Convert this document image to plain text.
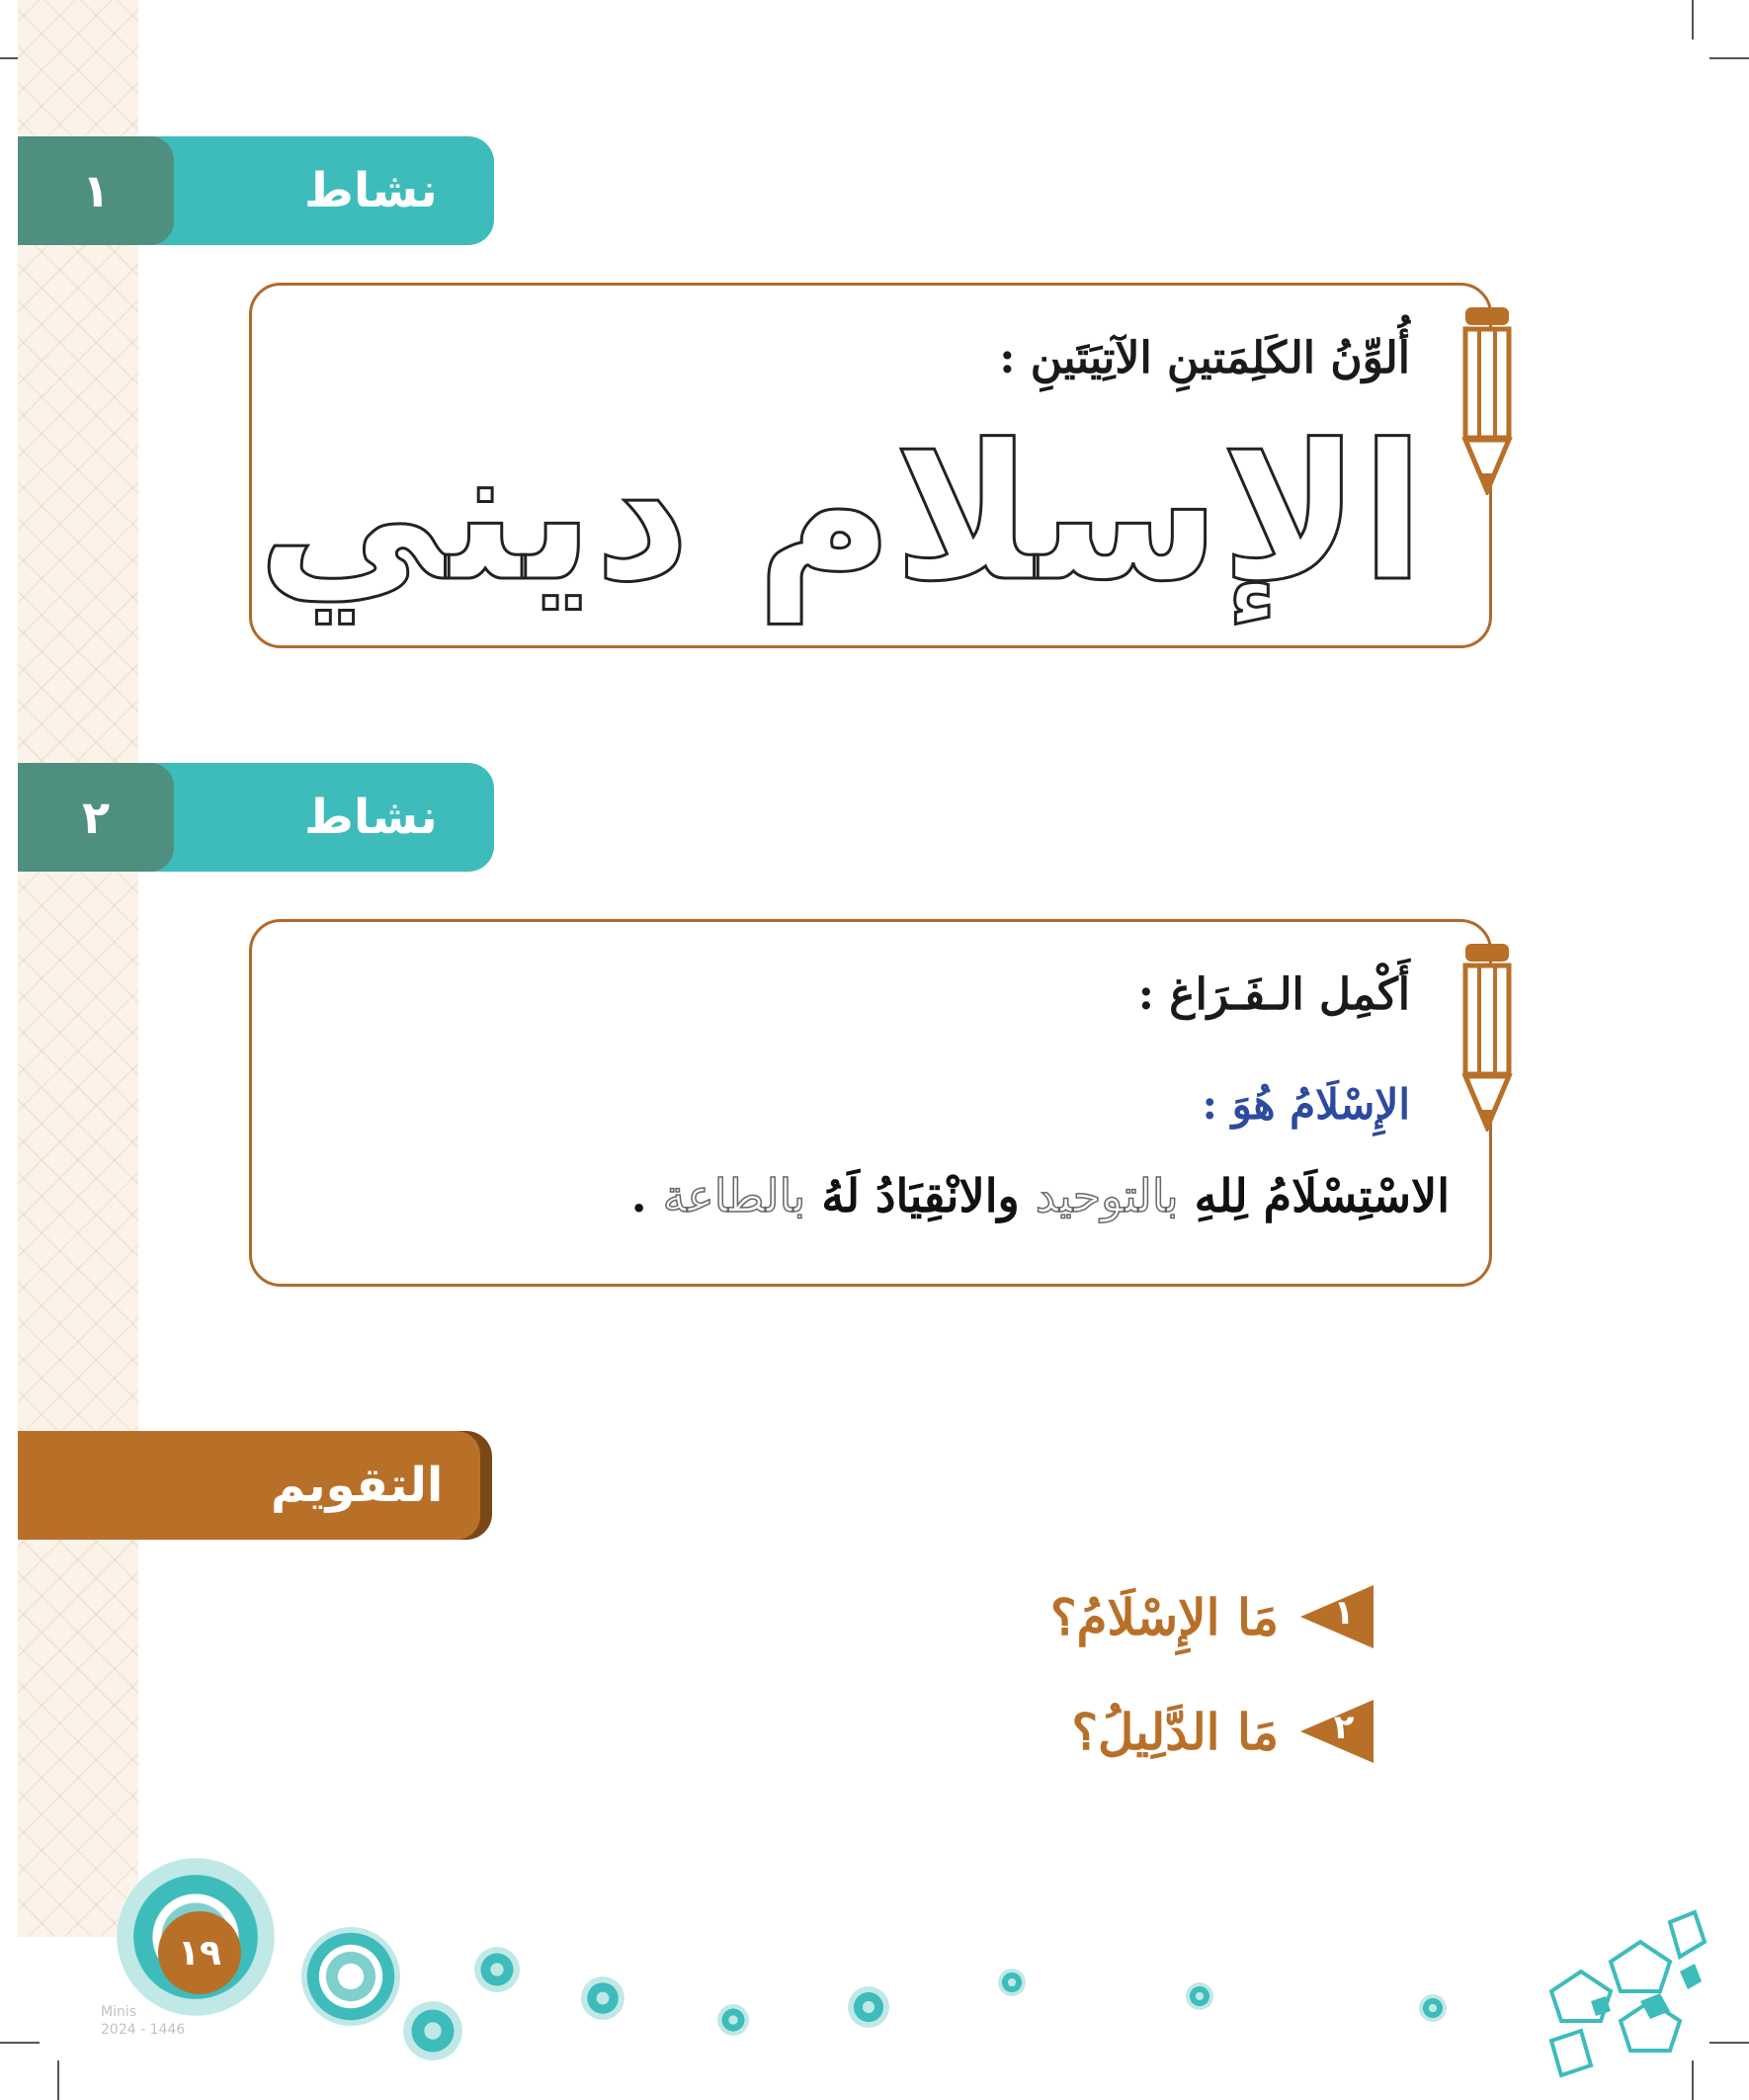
١	نشاط
أُلوِّنُ الكَلِمَتينِ الآتِيَتَينِ :
الإسلام ديني
٢	نشاط
أَكْمِل الـفَـرَاغ :
الإِسْلَامُ هُوَ :
الاسْتِسْلَامُ لِلهِ بالتوحيد والانْقِيَادُ لَهُ بالطاعة .
التقويم
١
مَا الإِسْلَامُ؟
٢
مَا الدَّلِيلُ؟
١٩
Minis
2024 - 1446
